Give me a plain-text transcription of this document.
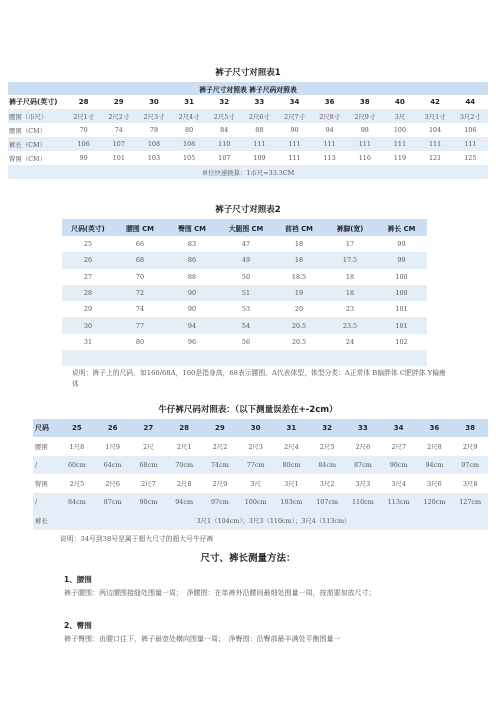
裤子尺寸对照表1
裤子尺寸对照表 裤子尺码对照表												
裤子尺码(英寸)	28	29	30	31	32	33	34	36	38	40	42	44
腰围（市尺）	2尺1寸	2尺2寸	2尺3寸	2尺4寸	2尺5寸	2尺6寸	2尺7寸	2尺8寸	2尺9寸	3尺	3尺1寸	3尺2寸
腰围（CM）	70	74	78	80	84	88	90	94	98	100	104	106
裤长（CM）	106	107	108	108	110	111	111	111	111	111	111	111
臀围（CM）	99	101	103	105	107	109	111	113	116	119	121	125
单位快速换算：1市尺=33.3CM												
裤子尺寸对照表2
尺码(英寸)	腰围 CM	臀围 CM	大腿围 CM	前裆 CM	裤脚(宽)	裤长 CM
25	66	83	47	18	17	99
26	68	86	49	18	17.5	99
27	70	88	50	18.5	18	100
28	72	90	51	19	18	100
29	74	90	53	20	23	101
30	77	94	54	20.5	23.5	101
31	80	96	56	20.5	24	102

说明：裤子上的尺码，如160/68A，160是指身高，68表示腰围，A代表体型，体型分类：A正常体 B偏胖体 C肥胖体 Y偏瘦体
牛仔裤尺码对照表：（以下测量误差在+-2cm）
尺码	25	26	27	28	29	30	31	32	33	34	36	38
腰围	1尺8	1尺9	2尺	2尺1	2尺2	2尺3	2尺4	2尺5	2尺6	2尺7	2尺8	2尺9
/	60cm	64cm	68cm	70cm	74cm	77cm	80cm	84cm	87cm	90cm	94cm	97cm
臀围	2尺5	2尺6	2尺7	2尺8	2尺9	3尺	3尺1	3尺2	3尺3	3尺4	3尺6	3尺8
/	84cm	87cm	90cm	94cm	97cm	100cm	103cm	107cm	110cm	113cm	120cm	127cm
裤长	3尺1（104cm）；3尺3（110cm）；3尺4（113cm）											
说明：34号到38号是属于超大尺寸的超大号牛仔裤
尺寸、裤长测量方法：
1、腰围
裤子腰围：两边腰围接缝处围量一周；　净腰围：在单裤外沿腰间最细处围量一周，按需要加放尺寸；
2、臀围
裤子臀围：由腰口往下，裤子最宽处横向围量一周；　净臀围：沿臀部最丰满处平衡围量一
